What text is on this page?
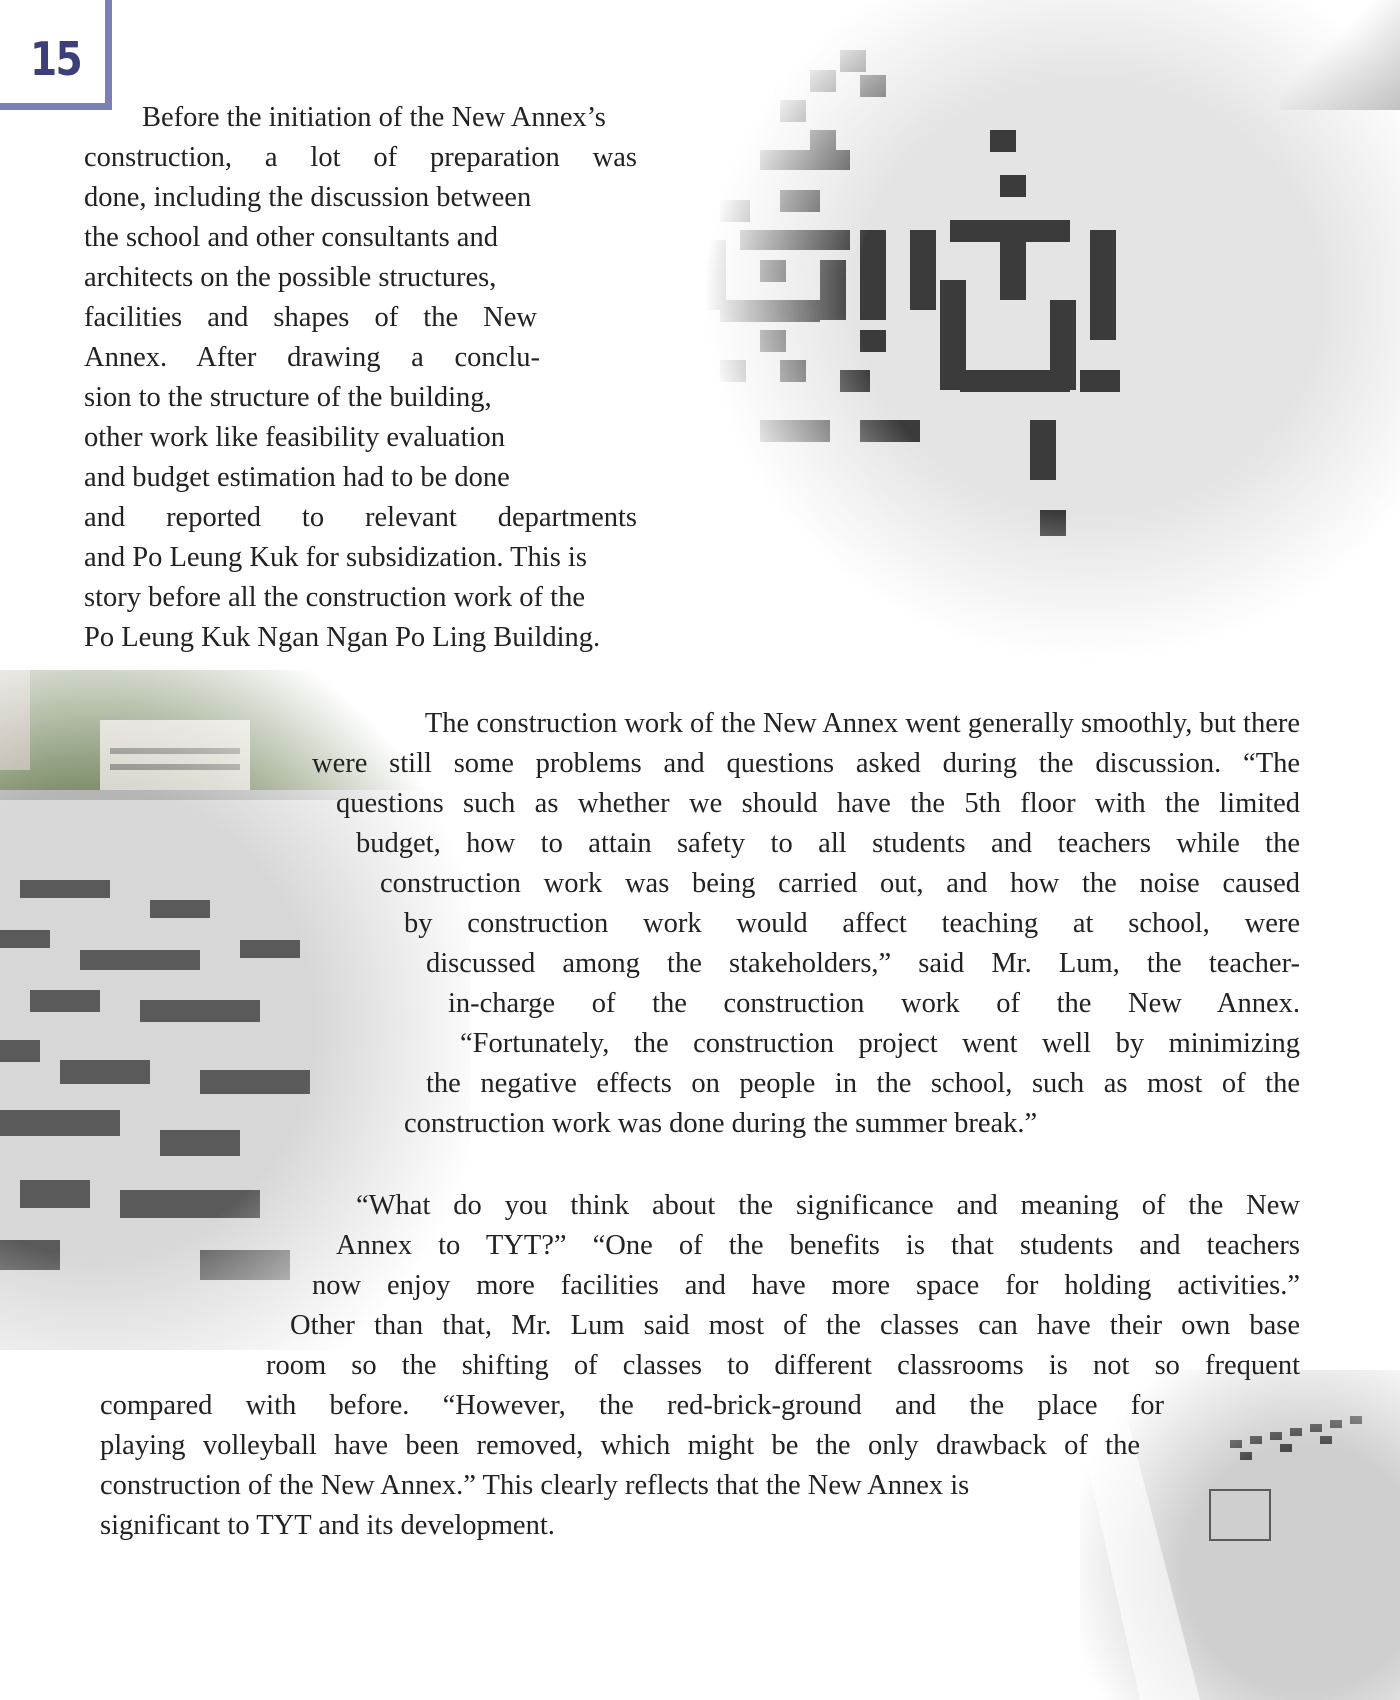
15
Before the initiation of the New Annex’s
construction, a lot of preparation was
done, including the discussion between
the school and other consultants and
architects on the possible structures,
facilities and shapes of the New
Annex. After drawing a conclu-
sion to the structure of the building,
other work like feasibility evaluation
and budget estimation had to be done
and reported to relevant departments
and Po Leung Kuk for subsidization. This is
story before all the construction work of the
Po Leung Kuk Ngan Ngan Po Ling Building.
The construction work of the New Annex went generally smoothly, but there
were still some problems and questions asked during the discussion. “The
questions such as whether we should have the 5th floor with the limited
budget, how to attain safety to all students and teachers while the
construction work was being carried out, and how the noise caused
by construction work would affect teaching at school, were
discussed among the stakeholders,” said Mr. Lum, the teacher-
in-charge of the construction work of the New Annex.
“Fortunately, the construction project went well by minimizing
the negative effects on people in the school, such as most of the
construction work was done during the summer break.”
“What do you think about the significance and meaning of the New
Annex to TYT?” “One of the benefits is that students and teachers
now enjoy more facilities and have more space for holding activities.”
Other than that, Mr. Lum said most of the classes can have their own base
room so the shifting of classes to different classrooms is not so frequent
compared with before. “However, the red-brick-ground and the place for
playing volleyball have been removed, which might be the only drawback of the
construction of the New Annex.” This clearly reflects that the New Annex is
significant to TYT and its development.
